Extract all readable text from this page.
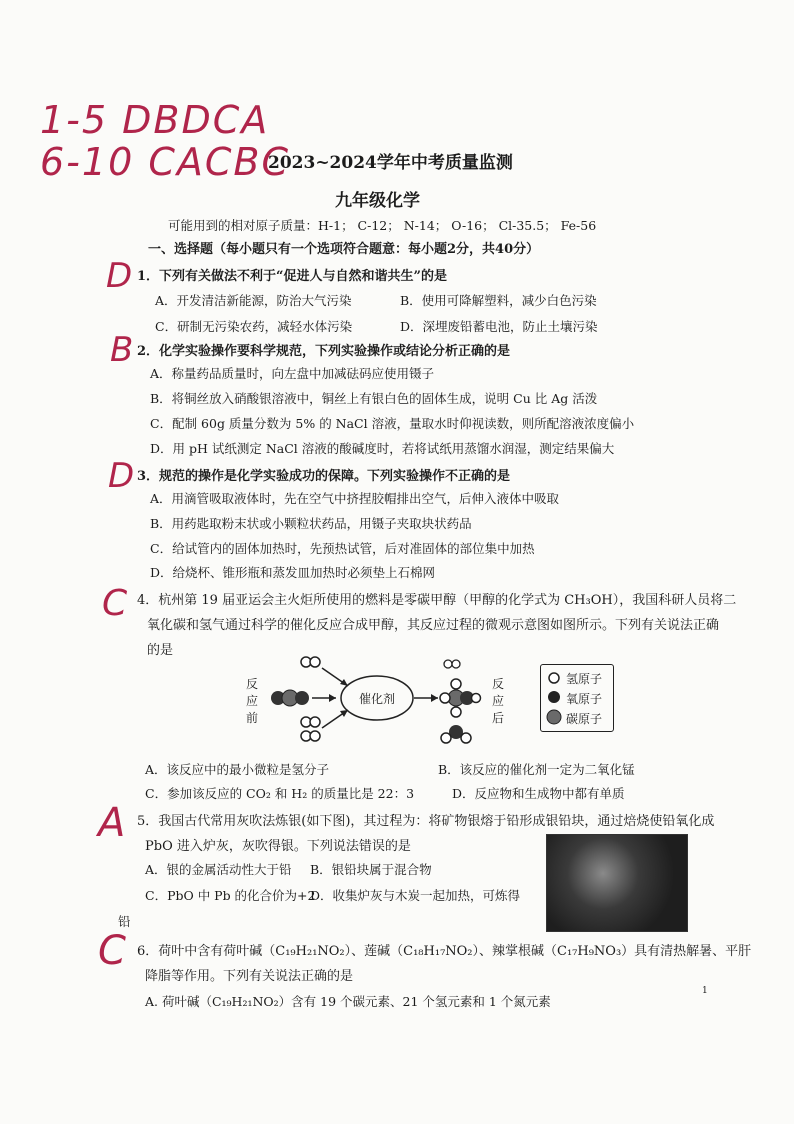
1-5 DBDCA
6-10 CACBC
2023~2024学年中考质量监测
九年级化学
可能用到的相对原子质量：H-1； C-12； N-14； O-16； Cl-35.5； Fe-56
一、选择题（每小题只有一个选项符合题意：每小题2分，共40分）
D 1．下列有关做法不利于“促进人与自然和谐共生”的是
A．开发清洁新能源，防治大气污染	B．使用可降解塑料，减少白色污染
C．研制无污染农药，减轻水体污染	D．深埋废铅蓄电池，防止土壤污染
B 2．化学实验操作要科学规范，下列实验操作或结论分析正确的是
A．称量药品质量时，向左盘中加减砝码应使用镊子
B．将铜丝放入硝酸银溶液中，铜丝上有银白色的固体生成，说明 Cu 比 Ag 活泼
C．配制 60g 质量分数为 5% 的 NaCl 溶液，量取水时仰视读数，则所配溶液浓度偏小
D．用 pH 试纸测定 NaCl 溶液的酸碱度时，若将试纸用蒸馏水润湿，测定结果偏大
D 3．规范的操作是化学实验成功的保障。下列实验操作不正确的是
A．用滴管吸取液体时，先在空气中挤捏胶帽排出空气，后伸入液体中吸取
B．用药匙取粉末状或小颗粒状药品，用镊子夹取块状药品
C．给试管内的固体加热时，先预热试管，后对准固体的部位集中加热
D．给烧杯、锥形瓶和蒸发皿加热时必须垫上石棉网
C 4．杭州第 19 届亚运会主火炬所使用的燃料是零碳甲醇（甲醇的化学式为 CH₃OH），我国科研人员将二
氧化碳和氢气通过科学的催化反应合成甲醇，其反应过程的微观示意图如图所示。下列有关说法正确
的是
反应前
反应后
催化剂
氢原子
氧原子
碳原子
A．该反应中的最小微粒是氢分子	B．该反应的催化剂一定为二氧化锰
C．参加该反应的 CO₂ 和 H₂ 的质量比是 22：3	D．反应物和生成物中都有单质
A 5．我国古代常用灰吹法炼银(如下图)，其过程为：将矿物银熔于铅形成银铅块，通过焙烧使铅氧化成
PbO 进入炉灰，灰吹得银。下列说法错误的是
A．银的金属活动性大于铅 B．银铅块属于混合物
C．PbO 中 Pb 的化合价为+2
D．收集炉灰与木炭一起加热，可炼得
铅
C 6．荷叶中含有荷叶碱（C₁₉H₂₁NO₂）、莲碱（C₁₈H₁₇NO₂）、辣掌根碱（C₁₇H₉NO₃）具有清热解暑、平肝
降脂等作用。下列有关说法正确的是
A. 荷叶碱（C₁₉H₂₁NO₂）含有 19 个碳元素、21 个氢元素和 1 个氮元素
1
